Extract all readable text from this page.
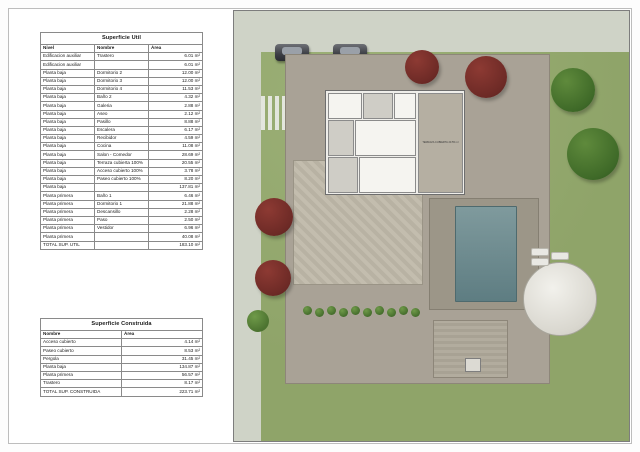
Superficie Util		
Nivel	Nombre	Área
Edificacion auxiliar	Trastero	6.01 m²
Edificacion auxiliar		6.01 m²
Planta baja	Dormitorio 2	12.00 m²
Planta baja	Dormitorio 3	12.00 m²
Planta baja	Dormitorio 4	11.53 m²
Planta baja	Baño 2	4.32 m²
Planta baja	Galeria	2.88 m²
Planta baja	Aseo	2.12 m²
Planta baja	Pasillo	8.88 m²
Planta baja	Escalera	6.17 m²
Planta baja	Recibidor	4.59 m²
Planta baja	Cocina	11.08 m²
Planta baja	Salon - Comedor	28.69 m²
Planta baja	Terraza cubierta 100%	20.55 m²
Planta baja	Acceso cubierto 100%	3.78 m²
Planta baja	Paseo cubierto 100%	8.20 m²
Planta baja		137.81 m²
Planta primera	Baño 1	6.46 m²
Planta primera	Dormitorio 1	21.88 m²
Planta primera	Descansillo	2.28 m²
Planta primera	Paso	2.50 m²
Planta primera	Vestidor	6.96 m²
Planta primera		40.08 m²
TOTAL SUP. UTIL		183.10 m²
Superficie Construida	
Nombre	Área
Acceso cubierto	4.14 m²
Paseo cubierto	8.53 m²
Pergola	31.45 m²
Planta baja	134.87 m²
Planta primera	56.57 m²
Trastero	8.17 m²
TOTAL SUP. CONSTRUIDA	223.71 m²
TERRAZA CUBIERTA 20.55 m²
